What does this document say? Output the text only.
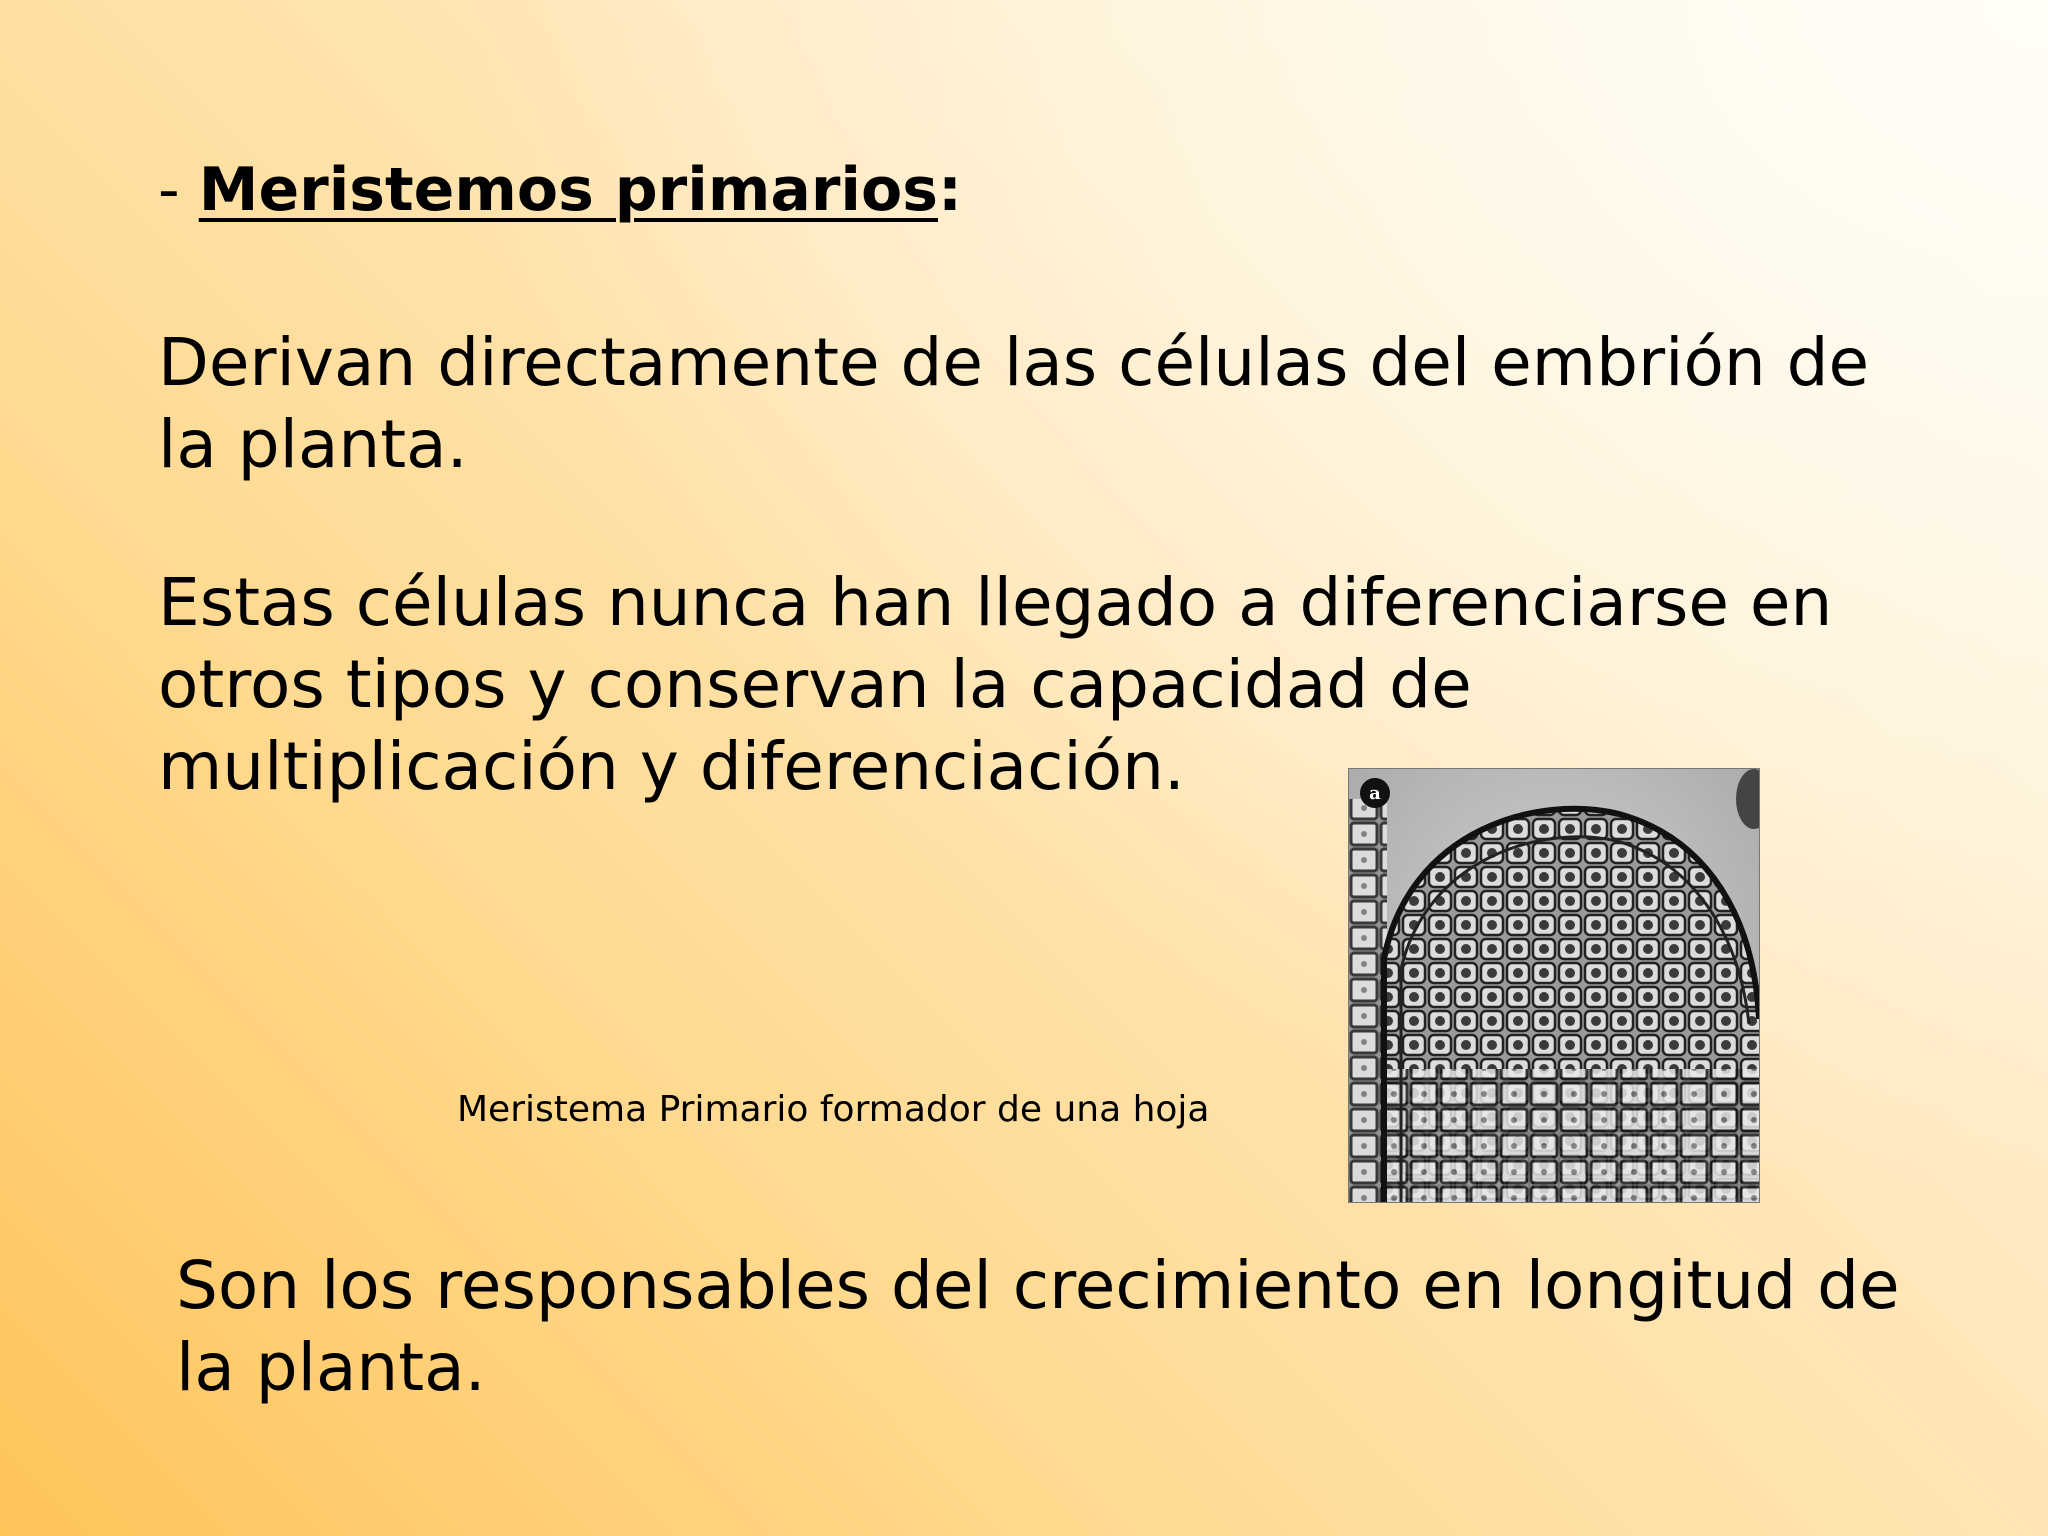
- Meristemos primarios:

Derivan directamente de las células del embrión de la planta.

Estas células nunca han llegado a diferenciarse en otros tipos y conservan la capacidad de multiplicación y diferenciación.

Meristema Primario formador de una hoja
a

Son los responsables del crecimiento en longitud de la planta.
